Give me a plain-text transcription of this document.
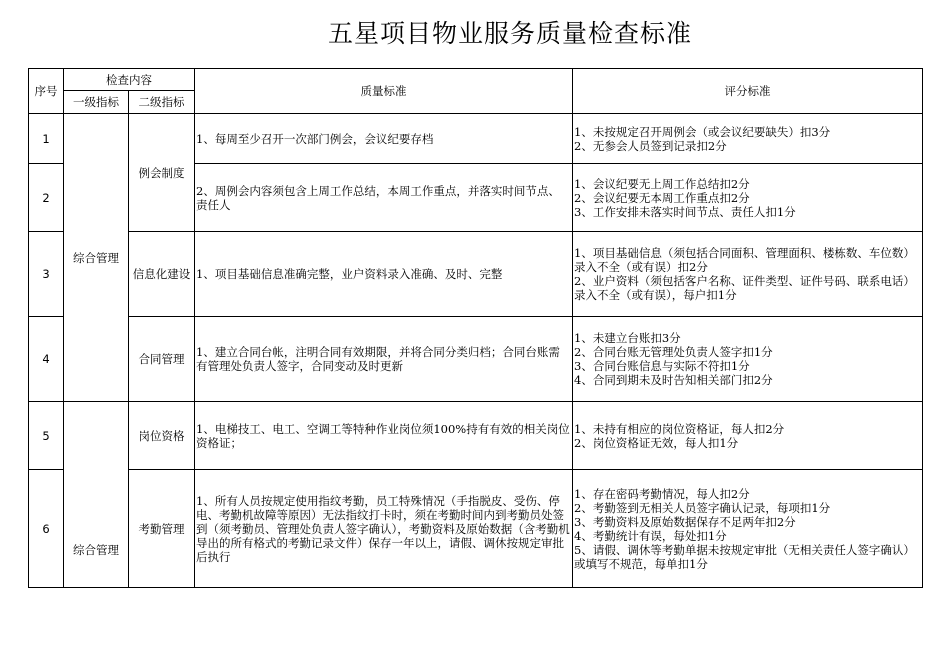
五星项目物业服务质量检查标准
序号	检查内容		质量标准	评分标准
	一级指标	二级指标		
1	综合管理	例会制度	1、每周至少召开一次部门例会，会议纪要存档	1、未按规定召开周例会（或会议纪要缺失）扣3分
2、无参会人员签到记录扣2分

2			2、周例会内容须包含上周工作总结，本周工作重点，并落实时间节点、责任人	1、会议纪要无上周工作总结扣2分
2、会议纪要无本周工作重点扣2分
3、工作安排未落实时间节点、责任人扣1分

3		信息化建设	1、项目基础信息准确完整，业户资料录入准确、及时、完整	1、项目基础信息（须包括合同面积、管理面积、楼栋数、车位数）录入不全（或有误）扣2分
2、业户资料（须包括客户名称、证件类型、证件号码、联系电话）录入不全（或有误），每户扣1分

4		合同管理	1、建立合同台帐，注明合同有效期限，并将合同分类归档；合同台账需有管理处负责人签字，合同变动及时更新	1、未建立台账扣3分
2、合同台账无管理处负责人签字扣1分
3、合同台账信息与实际不符扣1分
4、合同到期未及时告知相关部门扣2分

5	综合管理	岗位资格	1、电梯技工、电工、空调工等特种作业岗位须100%持有有效的相关岗位资格证；	1、未持有相应的岗位资格证，每人扣2分
2、岗位资格证无效，每人扣1分

6		考勤管理	1、所有人员按规定使用指纹考勤，员工特殊情况（手指脱皮、受伤、停电、考勤机故障等原因）无法指纹打卡时，须在考勤时间内到考勤员处签到（须考勤员、管理处负责人签字确认），考勤资料及原始数据（含考勤机导出的所有格式的考勤记录文件）保存一年以上，请假、调休按规定审批后执行	1、存在密码考勤情况，每人扣2分
2、考勤签到无相关人员签字确认记录，每项扣1分
3、考勤资料及原始数据保存不足两年扣2分
4、考勤统计有误，每处扣1分
5、请假、调休等考勤单据未按规定审批（无相关责任人签字确认）或填写不规范，每单扣1分
